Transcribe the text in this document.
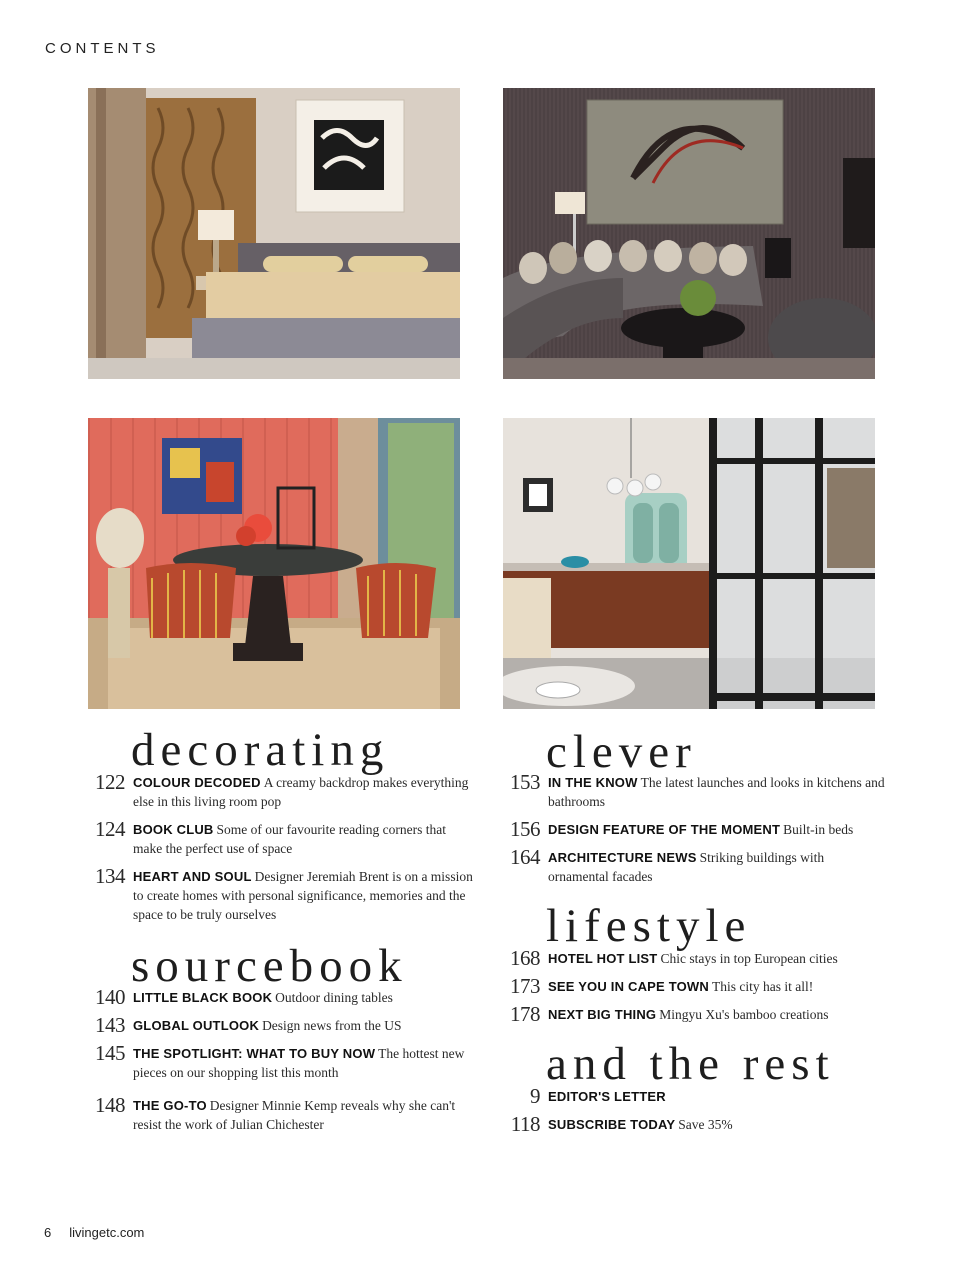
CONTENTS
decorating
122 COLOUR DECODED A creamy backdrop makes everything else in this living room pop
124 BOOK CLUB Some of our favourite reading corners that make the perfect use of space
134 HEART AND SOUL Designer Jeremiah Brent is on a mission to create homes with personal significance, memories and the space to be truly ourselves
sourcebook
140 LITTLE BLACK BOOK Outdoor dining tables
143 GLOBAL OUTLOOK Design news from the US
145 THE SPOTLIGHT: WHAT TO BUY NOW The hottest new pieces on our shopping list this month
148 THE GO-TO Designer Minnie Kemp reveals why she can't resist the work of Julian Chichester
clever
153 IN THE KNOW The latest launches and looks in kitchens and bathrooms
156 DESIGN FEATURE OF THE MOMENT Built-in beds
164 ARCHITECTURE NEWS Striking buildings with ornamental facades
lifestyle
168 HOTEL HOT LIST Chic stays in top European cities
173 SEE YOU IN CAPE TOWN This city has it all!
178 NEXT BIG THING Mingyu Xu's bamboo creations
and the rest
9 EDITOR'S LETTER
118 SUBSCRIBE TODAY Save 35%
6 livingetc.com
